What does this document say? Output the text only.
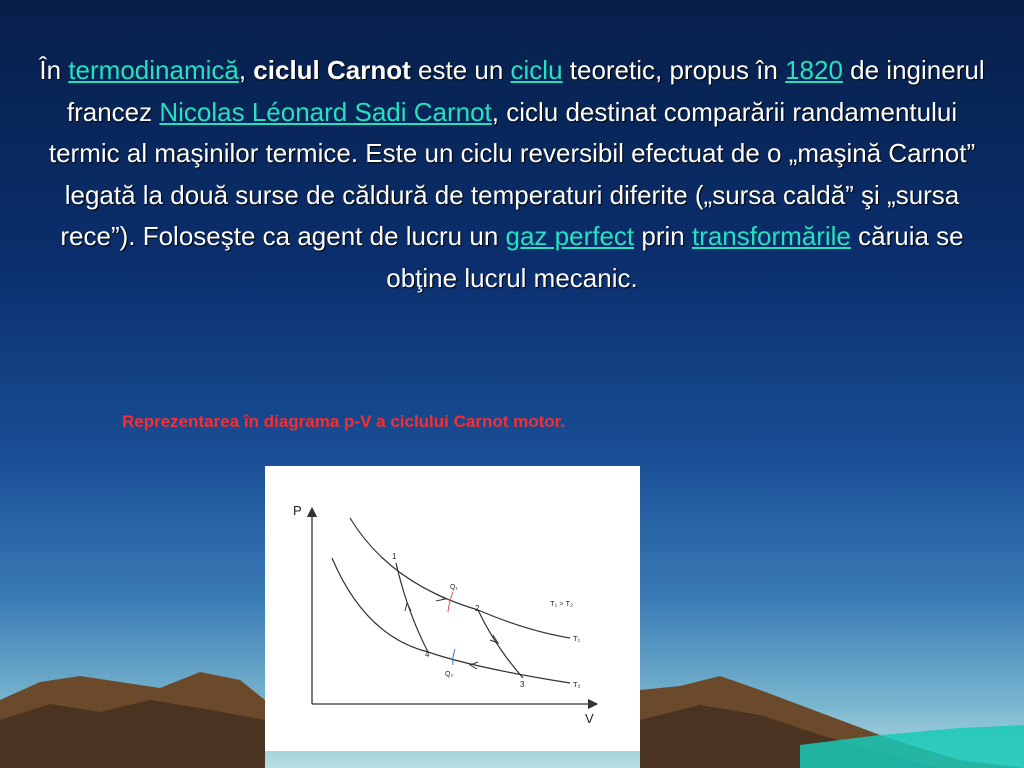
În termodinamică, ciclul Carnot este un ciclu teoretic, propus în 1820 de inginerul francez Nicolas Léonard Sadi Carnot, ciclu destinat comparării randamentului termic al maşinilor termice. Este un ciclu reversibil efectuat de o „maşină Carnot” legată la două surse de căldură de temperaturi diferite („sursa caldă” şi „sursa rece”). Foloseşte ca agent de lucru un gaz perfect prin transformările căruia se obţine lucrul mecanic.
Reprezentarea în diagrama p-V a ciclului Carnot motor.
P
V
1
2
3
4
Q₁
Q₂
T₁ > T₂
T₁
T₂
